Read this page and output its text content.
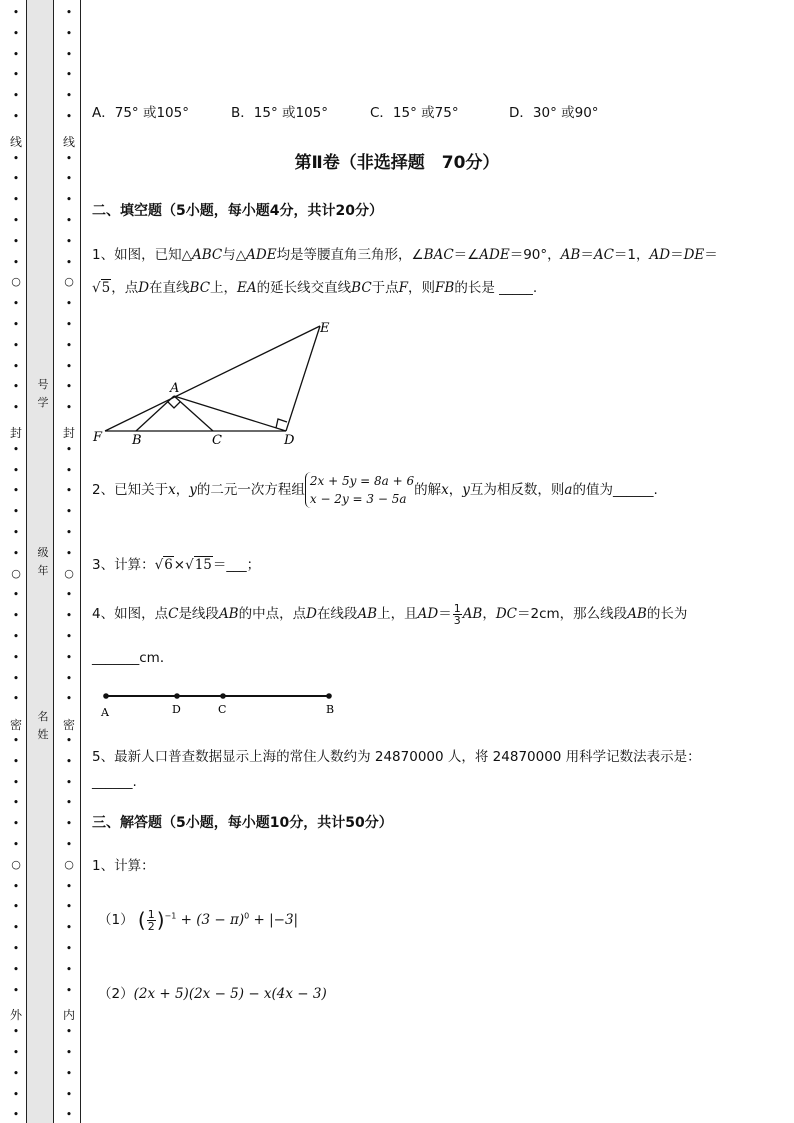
•
•
•
•
•
•
•
•
•
•
•
•
○
•
•
•
•
•
•
•
•
•
•
•
•
○
•
•
•
•
•
•
•
•
•
•
•
•
○
•
•
•
•
•
•
•
•
•
•
•
•
•
•
•
•
•
•
•
•
•
•
•
○
•
•
•
•
•
•
•
•
•
•
•
•
○
•
•
•
•
•
•
•
•
•
•
•
•
○
•
•
•
•
•
•
•
•
•
•
•
线
封
密
外
线
封
密
内
号
学
级
年
名
姓
A．75° 或105°	B．15° 或105°	C．15° 或75°	D．30° 或90°
第Ⅱ卷（非选择题　70分）
二、填空题（5小题，每小题4分，共计20分）
1、如图，已知△ABC与△ADE均是等腰直角三角形，∠BAC＝∠ADE＝90°，AB＝AC＝1，AD＝DE＝
√5，点D在直线BC上，EA的延长线交直线BC于点F，则FB的长是 _____.
E
A
F B	C	D
2、已知关于x，y的二元一次方程组
2x + 5y = 8a + 6
x − 2y = 3 − 5a
的解x，y互为相反数，则a的值为______.
3、计算：√6×√15＝___；
4、如图，点C是线段AB的中点，点D在线段AB上，且$AD= \frac{1}{3}$ AB，DC＝2cm，那么线段AB的长为
_______cm．
A	D	C	B
5、最新人口普查数据显示上海的常住人数约为 24870000 人，将 24870000 用科学记数法表示是：
______.
三、解答题（5小题，每小题10分，共计50分）
1、计算：
（1） ( $\frac{1}{2} )^{-1} + (3 - \pi)^0 + |-3|$
（2）(2x + 5)(2x − 5) − x(4x − 3)
